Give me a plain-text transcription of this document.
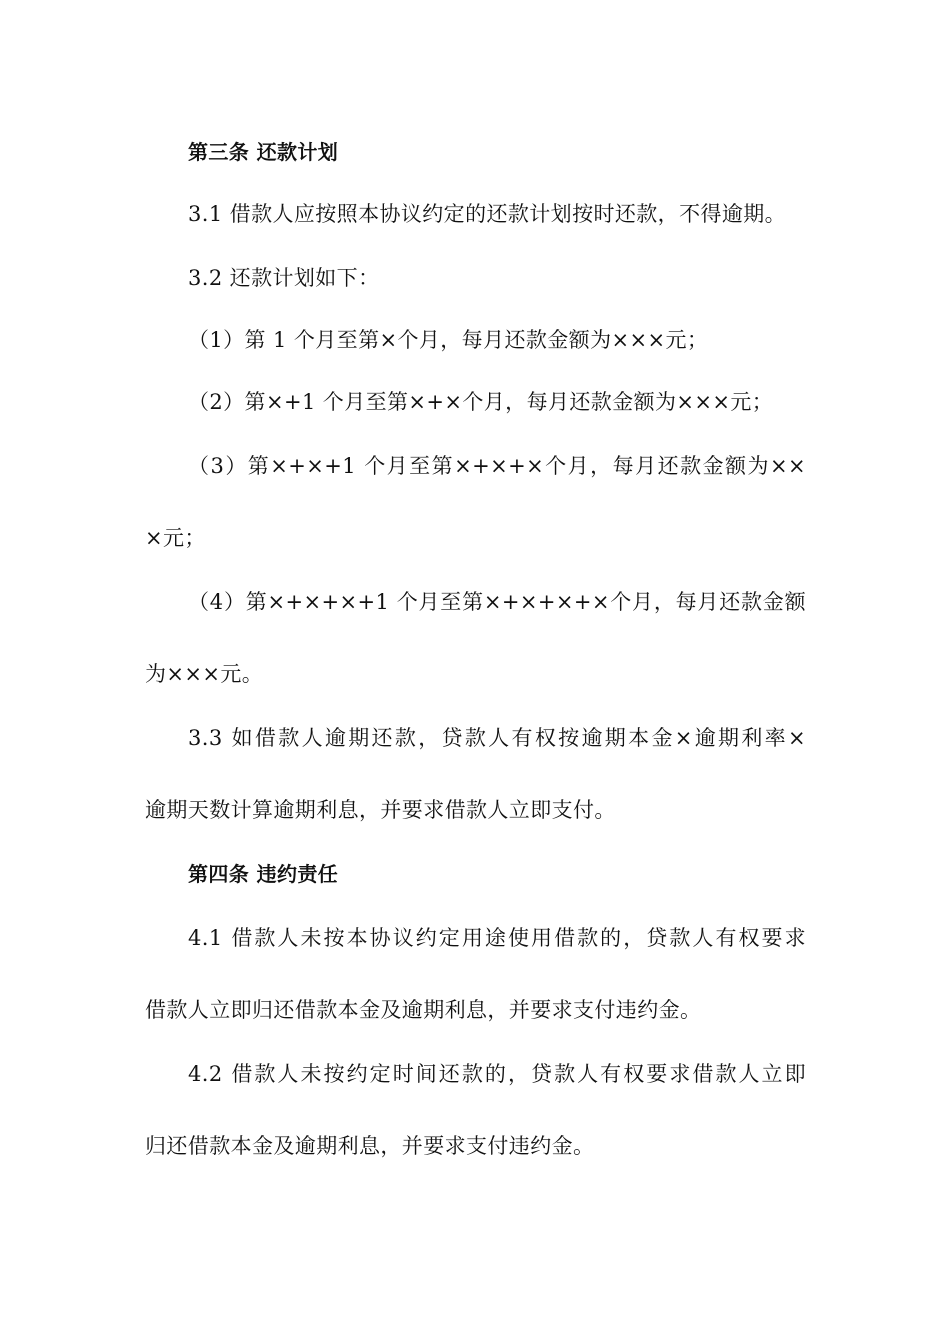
第三条 还款计划
3.1 借款人应按照本协议约定的还款计划按时还款，不得逾期。
3.2 还款计划如下：
（1）第 1 个月至第×个月，每月还款金额为×××元；
（2）第×+1 个月至第×+×个月，每月还款金额为×××元；
（3）第×+×+1 个月至第×+×+×个月，每月还款金额为××
×元；
（4）第×+×+×+1 个月至第×+×+×+×个月，每月还款金额
为×××元。
3.3 如借款人逾期还款，贷款人有权按逾期本金×逾期利率×
逾期天数计算逾期利息，并要求借款人立即支付。
第四条 违约责任
4.1 借款人未按本协议约定用途使用借款的，贷款人有权要求
借款人立即归还借款本金及逾期利息，并要求支付违约金。
4.2 借款人未按约定时间还款的，贷款人有权要求借款人立即
归还借款本金及逾期利息，并要求支付违约金。
